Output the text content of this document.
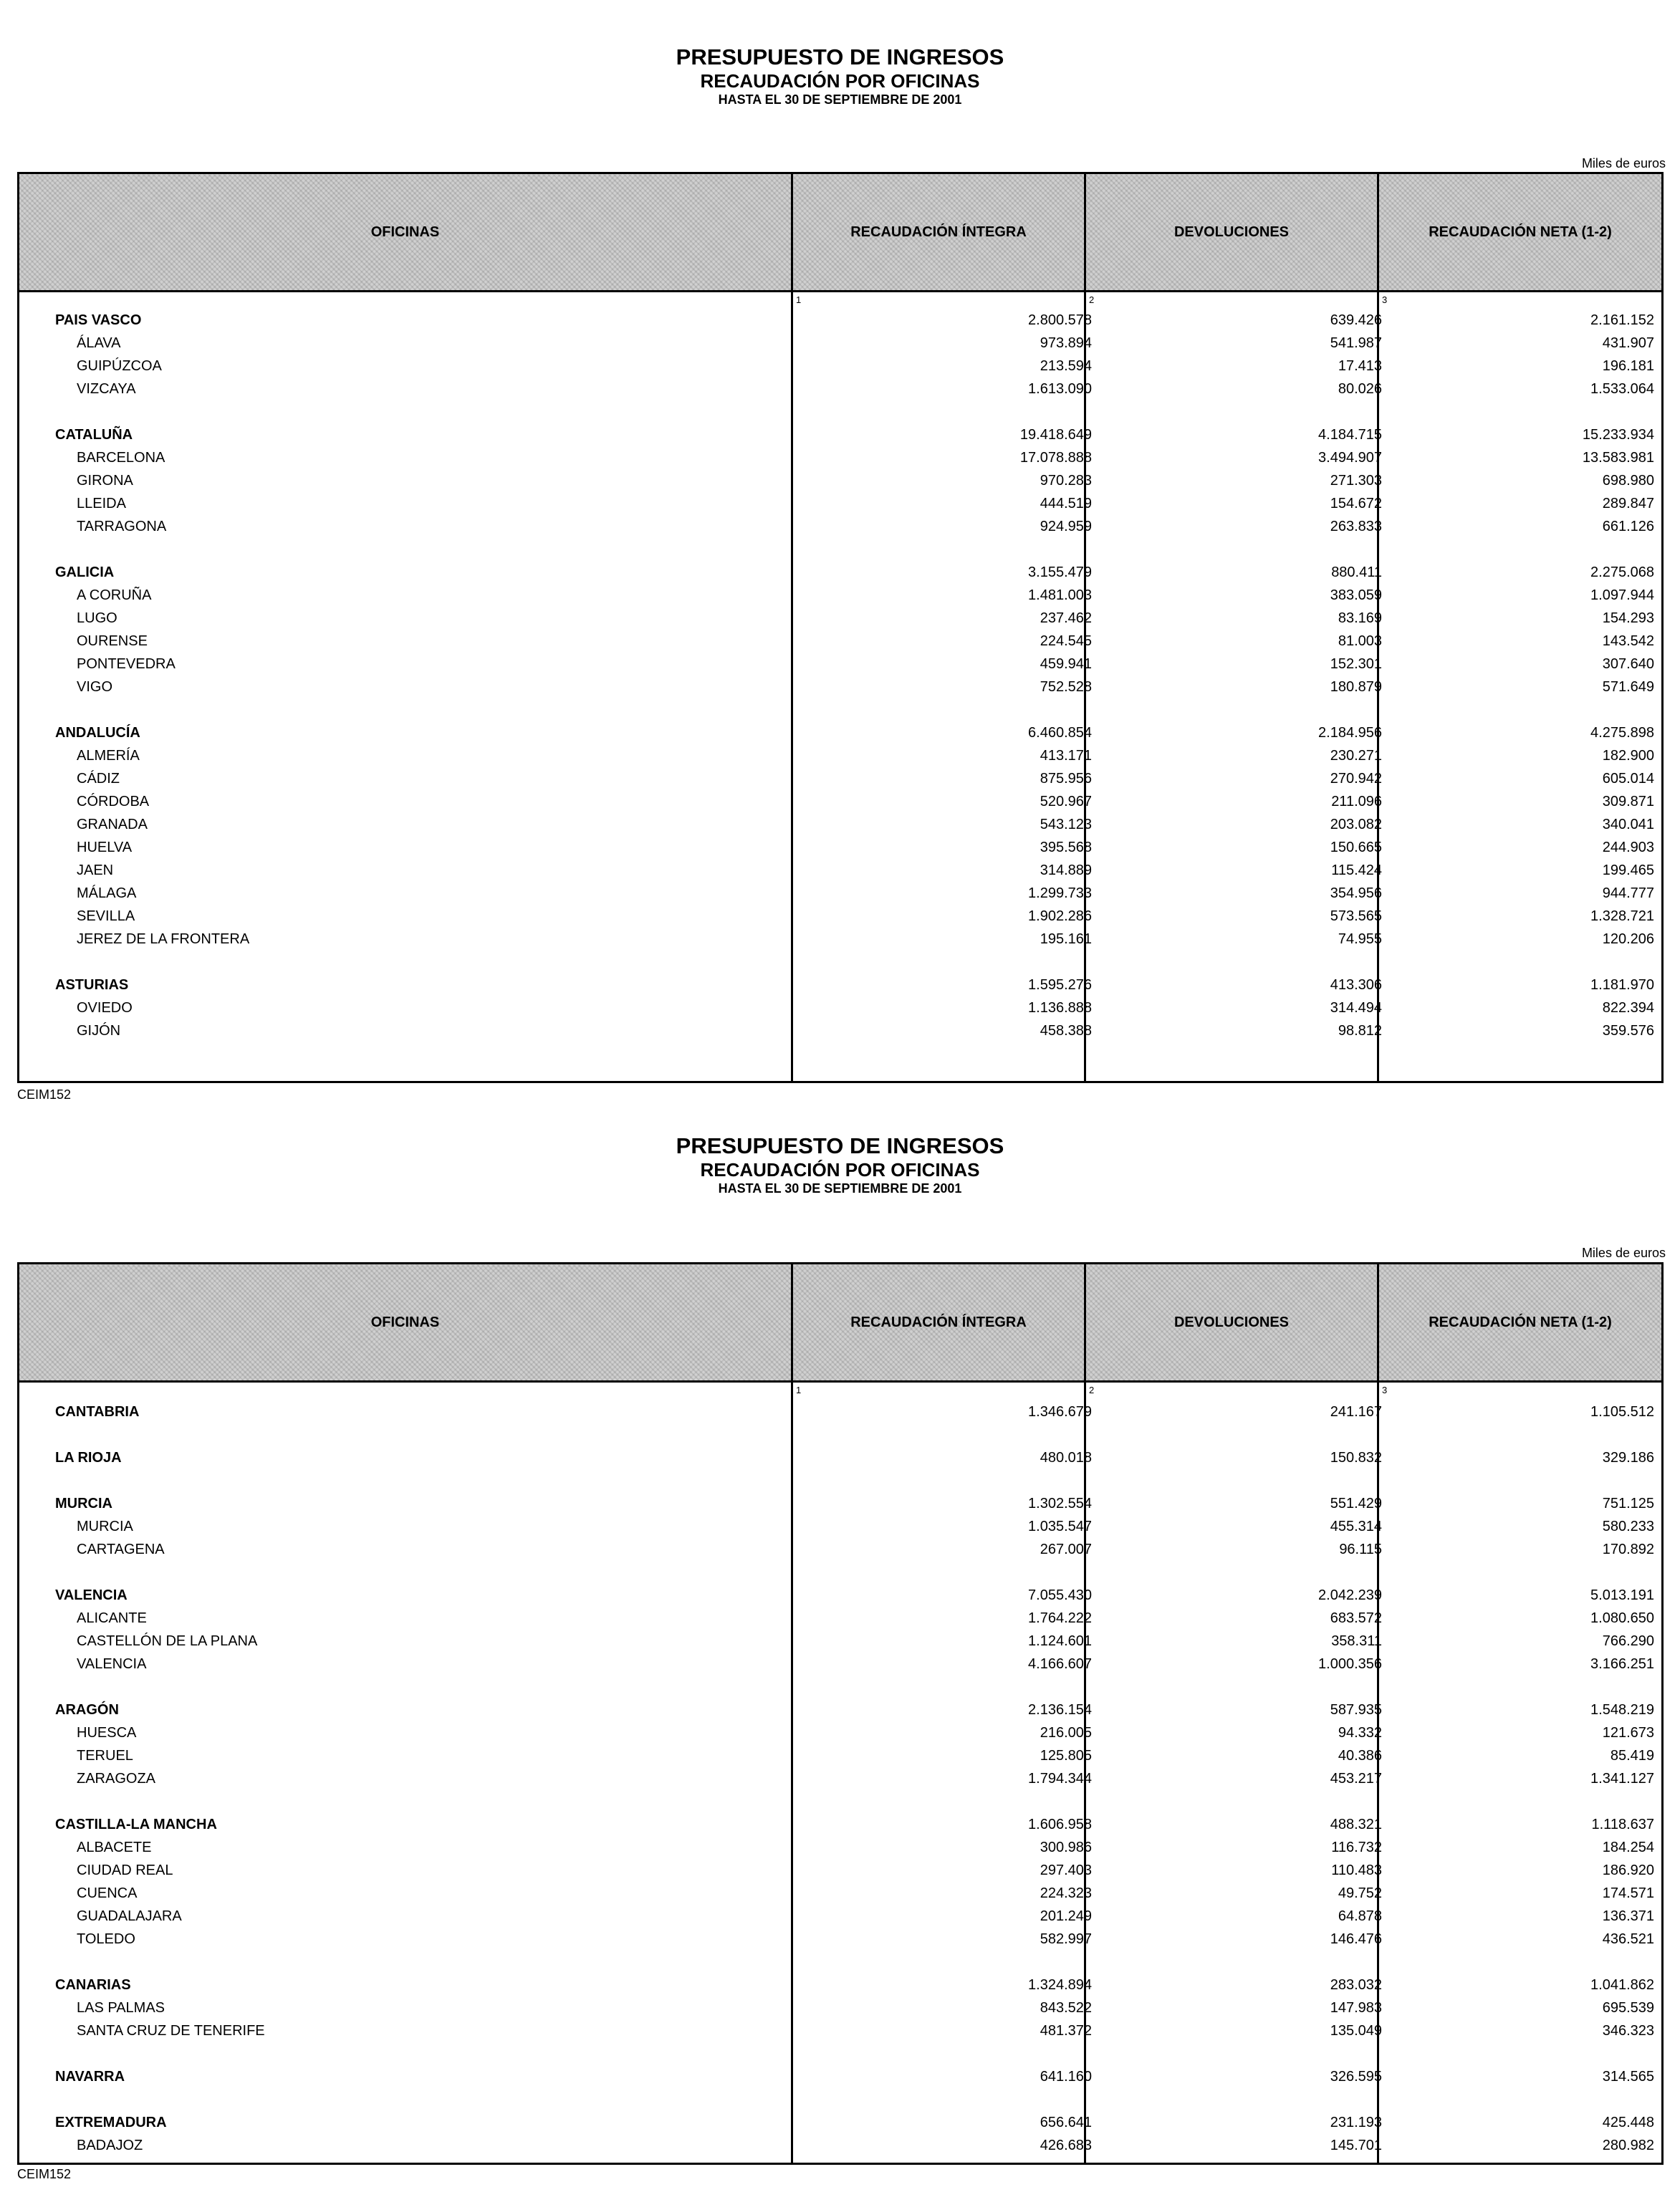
PRESUPUESTO DE INGRESOS
RECAUDACIÓN POR OFICINAS
HASTA EL 30 DE SEPTIEMBRE DE 2001
Miles de euros
OFICINAS	RECAUDACIÓN ÍNTEGRA	DEVOLUCIONES	RECAUDACIÓN NETA (1-2)
1	2	3
PAIS VASCO	2.800.578	639.426	2.161.152
ÁLAVA	973.894	541.987	431.907
GUIPÚZCOA	213.594	17.413	196.181
VIZCAYA	1.613.090	80.026	1.533.064
CATALUÑA	19.418.649	4.184.715	15.233.934
BARCELONA	17.078.888	3.494.907	13.583.981
GIRONA	970.283	271.303	698.980
LLEIDA	444.519	154.672	289.847
TARRAGONA	924.959	263.833	661.126
GALICIA	3.155.479	880.411	2.275.068
A CORUÑA	1.481.003	383.059	1.097.944
LUGO	237.462	83.169	154.293
OURENSE	224.545	81.003	143.542
PONTEVEDRA	459.941	152.301	307.640
VIGO	752.528	180.879	571.649
ANDALUCÍA	6.460.854	2.184.956	4.275.898
ALMERÍA	413.171	230.271	182.900
CÁDIZ	875.956	270.942	605.014
CÓRDOBA	520.967	211.096	309.871
GRANADA	543.123	203.082	340.041
HUELVA	395.568	150.665	244.903
JAEN	314.889	115.424	199.465
MÁLAGA	1.299.733	354.956	944.777
SEVILLA	1.902.286	573.565	1.328.721
JEREZ DE LA FRONTERA	195.161	74.955	120.206
ASTURIAS	1.595.276	413.306	1.181.970
OVIEDO	1.136.888	314.494	822.394
GIJÓN	458.388	98.812	359.576
CEIM152
PRESUPUESTO DE INGRESOS
RECAUDACIÓN POR OFICINAS
HASTA EL 30 DE SEPTIEMBRE DE 2001
Miles de euros
OFICINAS	RECAUDACIÓN ÍNTEGRA	DEVOLUCIONES	RECAUDACIÓN NETA (1-2)
1	2	3
CANTABRIA	1.346.679	241.167	1.105.512
LA RIOJA	480.018	150.832	329.186
MURCIA	1.302.554	551.429	751.125
MURCIA	1.035.547	455.314	580.233
CARTAGENA	267.007	96.115	170.892
VALENCIA	7.055.430	2.042.239	5.013.191
ALICANTE	1.764.222	683.572	1.080.650
CASTELLÓN DE LA PLANA	1.124.601	358.311	766.290
VALENCIA	4.166.607	1.000.356	3.166.251
ARAGÓN	2.136.154	587.935	1.548.219
HUESCA	216.005	94.332	121.673
TERUEL	125.805	40.386	85.419
ZARAGOZA	1.794.344	453.217	1.341.127
CASTILLA-LA MANCHA	1.606.958	488.321	1.118.637
ALBACETE	300.986	116.732	184.254
CIUDAD REAL	297.403	110.483	186.920
CUENCA	224.323	49.752	174.571
GUADALAJARA	201.249	64.878	136.371
TOLEDO	582.997	146.476	436.521
CANARIAS	1.324.894	283.032	1.041.862
LAS PALMAS	843.522	147.983	695.539
SANTA CRUZ DE TENERIFE	481.372	135.049	346.323
NAVARRA	641.160	326.595	314.565
EXTREMADURA	656.641	231.193	425.448
BADAJOZ	426.683	145.701	280.982
CEIM152
